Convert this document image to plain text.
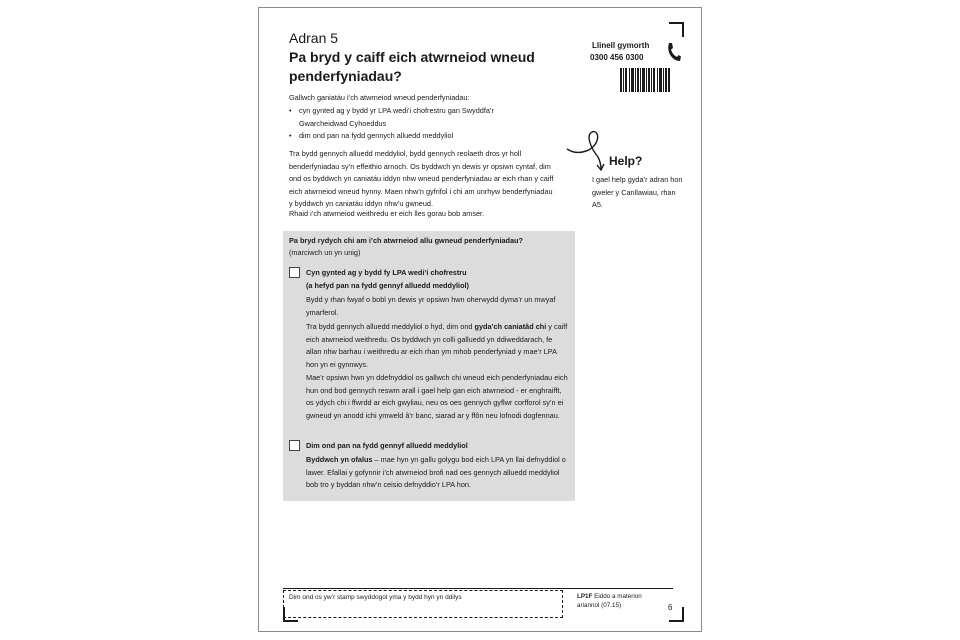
Adran 5
Pa bryd y caiff eich atwrneiod wneud penderfyniadau?
Llinell gymorth
0300 456 0300
Gallwch ganiatáu i’ch atwrneiod wneud penderfyniadau:
• cyn gynted ag y bydd yr LPA wedi’i chofrestru gan Swyddfa’r Gwarcheidwad Cyhoeddus
• dim ond pan na fydd gennych alluedd meddyliol
Tra bydd gennych alluedd meddyliol, bydd gennych reolaeth dros yr holl benderfyniadau sy’n effeithio arnoch. Os byddwch yn dewis yr opsiwn cyntaf, dim ond os byddwch yn caniatáu iddyn nhw wneud penderfyniadau ar eich rhan y caiff eich atwrneiod wneud hynny. Maen nhw’n gyfrifol i chi am unrhyw benderfyniadau y byddwch yn caniatáu iddyn nhw’u gwneud.
Rhaid i’ch atwrneiod weithredu er eich lles gorau bob amser.
Help?
I gael help gyda’r adran hon gweler y Canllawiau, rhan A5.
Pa bryd rydych chi am i’ch atwrneiod allu gwneud penderfyniadau?
(marciwch un yn unig)
Cyn gynted ag y bydd fy LPA wedi’i chofrestru
(a hefyd pan na fydd gennyf alluedd meddyliol)
Bydd y rhan fwyaf o bobl yn dewis yr opsiwn hwn oherwydd dyma’r un mwyaf ymarferol.
Tra bydd gennych alluedd meddyliol o hyd, dim ond gyda’ch caniatâd chi y caiff eich atwrneiod weithredu. Os byddwch yn colli galluedd yn ddiweddarach, fe allan nhw barhau i weithredu ar eich rhan ym mhob penderfyniad y mae’r LPA hon yn ei gynnwys.
Mae’r opsiwn hwn yn ddefnyddiol os gallwch chi wneud eich penderfyniadau eich hun ond bod gennych reswm arall i gael help gan eich atwrneiod - er enghraifft, os ydych chi i ffwrdd ar eich gwyliau, neu os oes gennych gyflwr corfforol sy’n ei gwneud yn anodd ichi ymweld â’r banc, siarad ar y ffôn neu lofnodi dogfennau.
Dim ond pan na fydd gennyf alluedd meddyliol
Byddwch yn ofalus – mae hyn yn gallu golygu bod eich LPA yn llai defnyddiol o lawer. Efallai y gofynnir i’ch atwrneiod brofi nad oes gennych alluedd meddyliol bob tro y byddan nhw’n ceisio defnyddio’r LPA hon.
Dim ond os yw’r stamp swyddogol yma y bydd hyn yn ddilys	LP1F Eiddo a materion ariannol (07.15)	6
